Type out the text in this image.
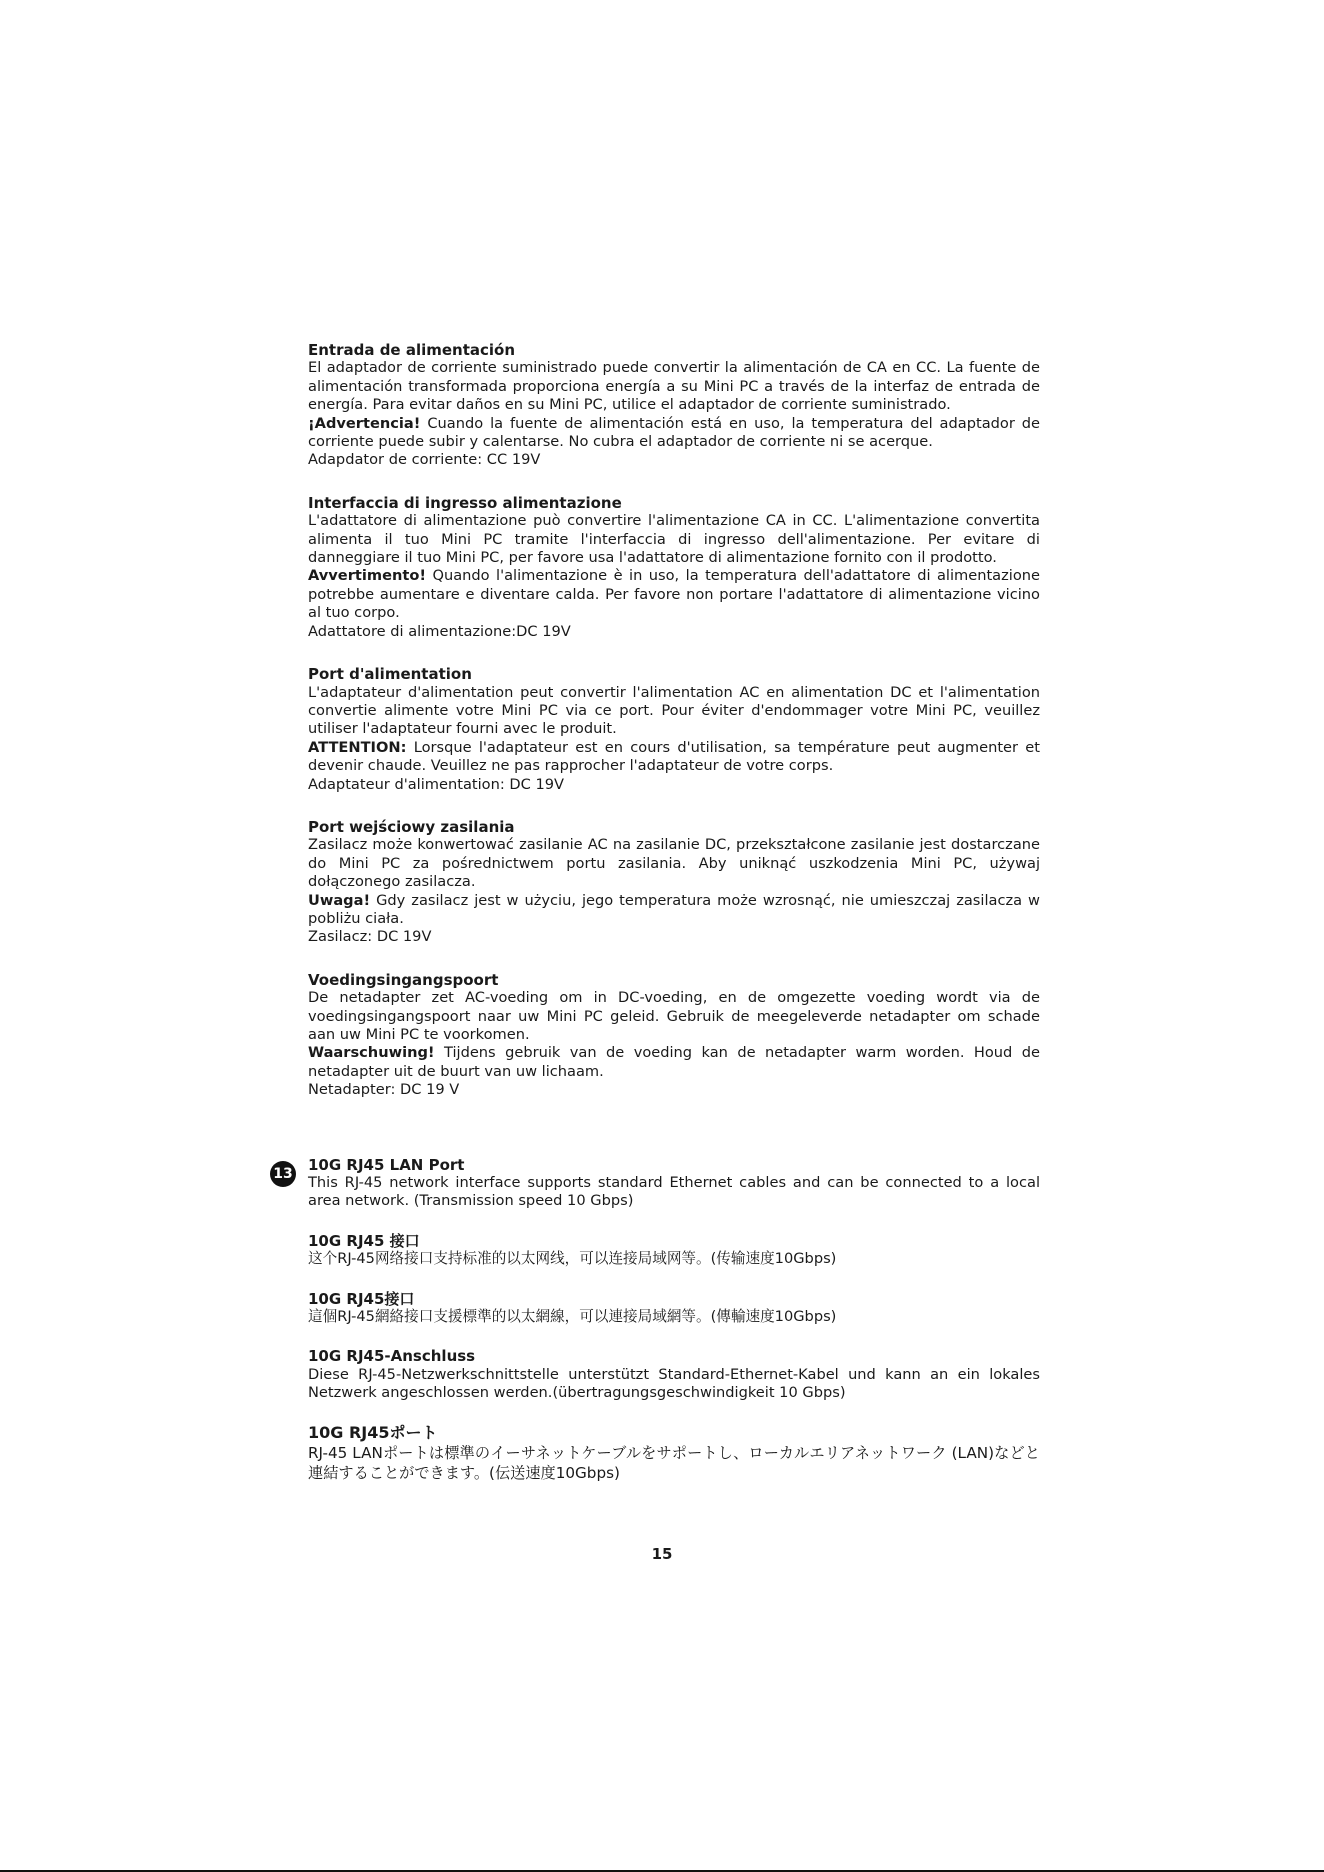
Entrada de alimentación

El adaptador de corriente suministrado puede convertir la alimentación de CA en CC. La fuente de alimentación transformada proporciona energía a su Mini PC a través de la interfaz de entrada de energía. Para evitar daños en su Mini PC, utilice el adaptador de corriente suministrado.

¡Advertencia! Cuando la fuente de alimentación está en uso, la temperatura del adaptador de corriente puede subir y calentarse. No cubra el adaptador de corriente ni se acerque.

Adapdator de corriente: CC 19V

Interfaccia di ingresso alimentazione

L'adattatore di alimentazione può convertire l'alimentazione CA in CC. L'alimentazione convertita alimenta il tuo Mini PC tramite l'interfaccia di ingresso dell'alimentazione. Per evitare di danneggiare il tuo Mini PC, per favore usa l'adattatore di alimentazione fornito con il prodotto.

Avvertimento! Quando l'alimentazione è in uso, la temperatura dell'adattatore di alimentazione potrebbe aumentare e diventare calda. Per favore non portare l'adattatore di alimentazione vicino al tuo corpo.

Adattatore di alimentazione:DC 19V

Port d'alimentation

L'adaptateur d'alimentation peut convertir l'alimentation AC en alimentation DC et l'alimentation convertie alimente votre Mini PC via ce port. Pour éviter d'endommager votre Mini PC, veuillez utiliser l'adaptateur fourni avec le produit.

ATTENTION: Lorsque l'adaptateur est en cours d'utilisation, sa température peut augmenter et devenir chaude. Veuillez ne pas rapprocher l'adaptateur de votre corps.

Adaptateur d'alimentation: DC 19V

Port wejściowy zasilania

Zasilacz może konwertować zasilanie AC na zasilanie DC, przekształcone zasilanie jest dostarczane do Mini PC za pośrednictwem portu zasilania. Aby uniknąć uszkodzenia Mini PC, używaj dołączonego zasilacza.

Uwaga! Gdy zasilacz jest w użyciu, jego temperatura może wzrosnąć, nie umieszczaj zasilacza w pobliżu ciała.

Zasilacz: DC 19V

Voedingsingangspoort

De netadapter zet AC-voeding om in DC-voeding, en de omgezette voeding wordt via de voedingsingangspoort naar uw Mini PC geleid. Gebruik de meegeleverde netadapter om schade aan uw Mini PC te voorkomen.

Waarschuwing! Tijdens gebruik van de voeding kan de netadapter warm worden. Houd de netadapter uit de buurt van uw lichaam.

Netadapter: DC 19 V

10G RJ45 LAN Port

This RJ-45 network interface supports standard Ethernet cables and can be connected to a local area network. (Transmission speed 10 Gbps)

10G RJ45 接口

这个RJ-45网络接口支持标准的以太网线，可以连接局域网等。(传输速度10Gbps)

10G RJ45接口

這個RJ-45網絡接口支援標準的以太網線，可以連接局域網等。(傳輸速度10Gbps)

10G RJ45-Anschluss

Diese RJ-45-Netzwerkschnittstelle unterstützt Standard-Ethernet-Kabel und kann an ein lokales Netzwerk angeschlossen werden.(übertragungsgeschwindigkeit 10 Gbps)

10G RJ45ポート

RJ-45 LANポートは標準のイーサネットケーブルをサポートし、ローカルエリアネットワーク (LAN)などと連結することができます。(伝送速度10Gbps)

13
15
